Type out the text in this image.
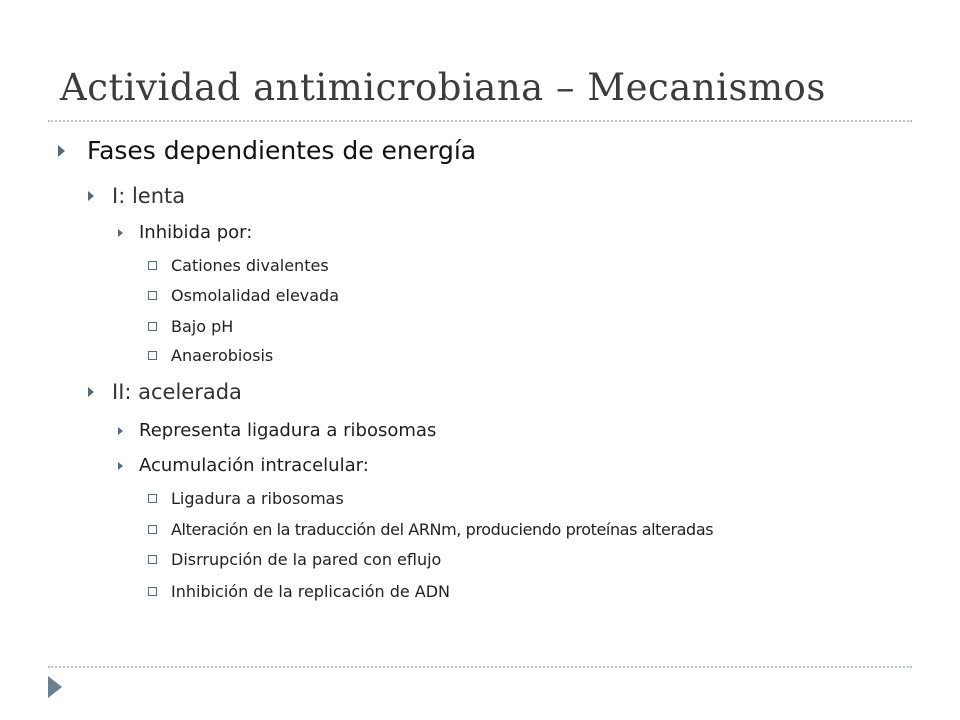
Actividad antimicrobiana – Mecanismos
Fases dependientes de energía
I: lenta
Inhibida por:
Cationes divalentes
Osmolalidad elevada
Bajo pH
Anaerobiosis
II: acelerada
Representa ligadura a ribosomas
Acumulación intracelular:
Ligadura a ribosomas
Alteración en la traducción del ARNm, produciendo proteínas alteradas
Disrrupción de la pared con eflujo
Inhibición de la replicación de ADN
